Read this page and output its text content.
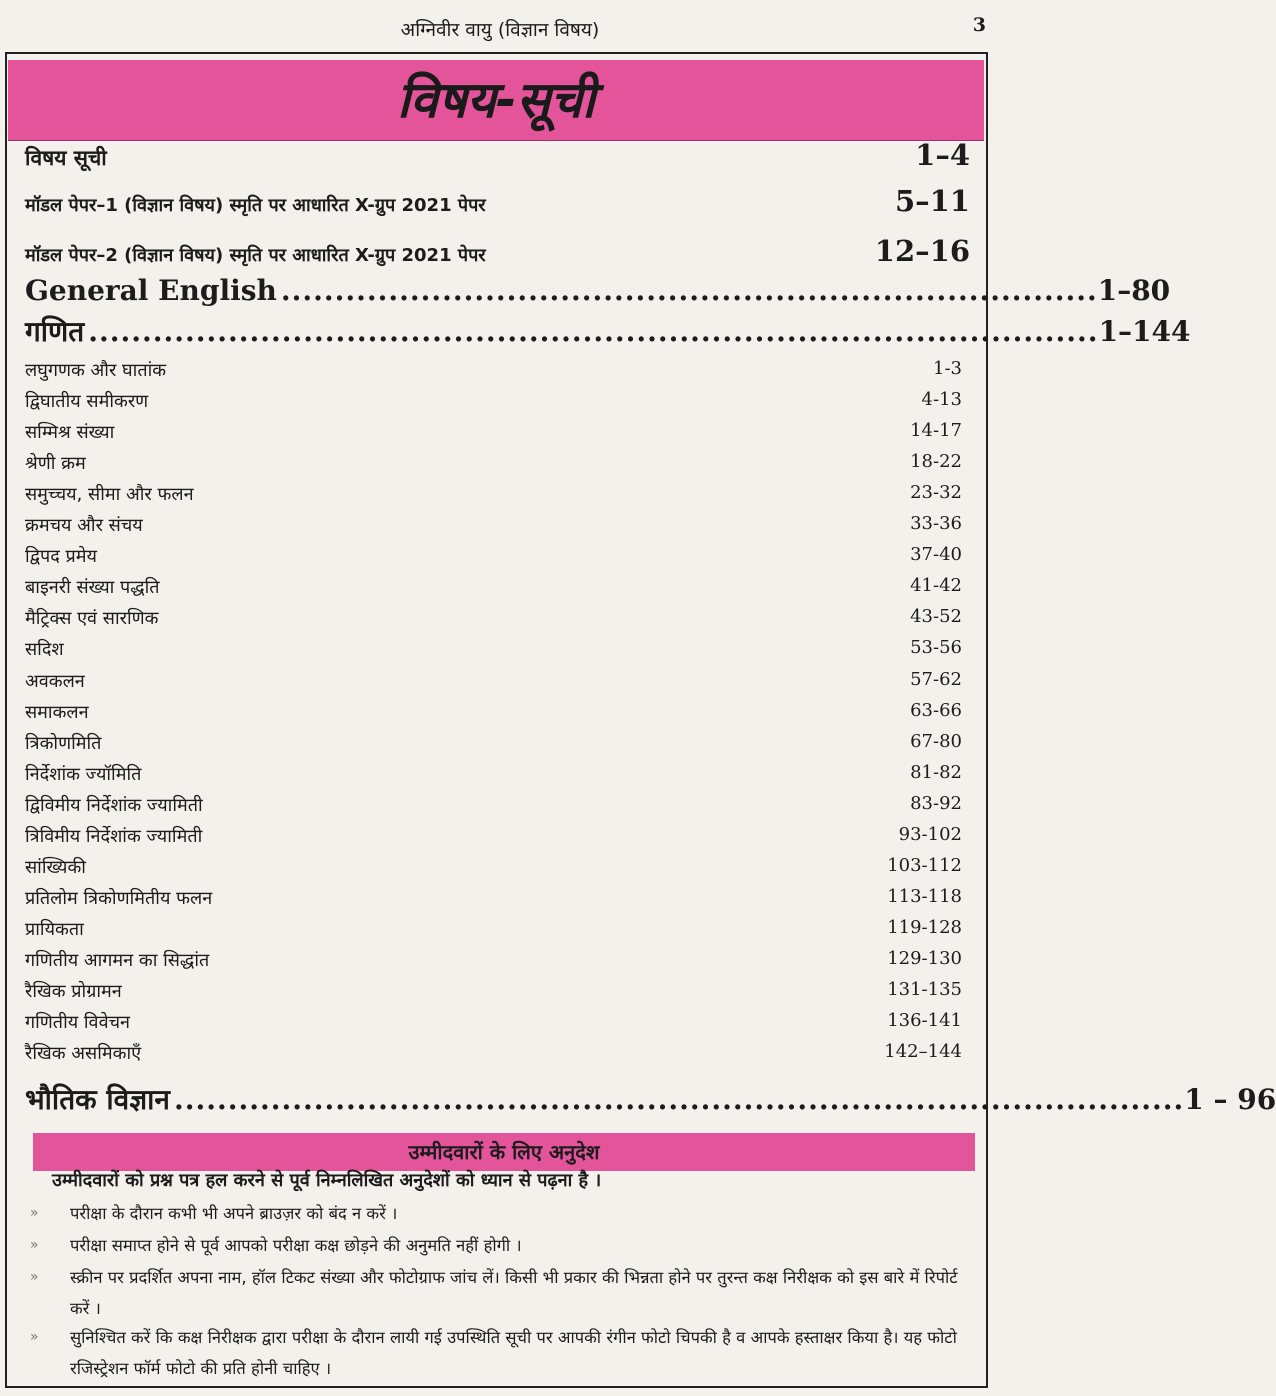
अग्निवीर वायु (विज्ञान विषय)	3
विषय-सूची
विषय सूची	1–4
मॉडल पेपर–1 (विज्ञान विषय) स्मृति पर आधारित X-ग्रुप 2021 पेपर	5–11
मॉडल पेपर–2 (विज्ञान विषय) स्मृति पर आधारित X-ग्रुप 2021 पेपर	12–16
General English ............................................................................ 1–80
गणित .............................................................................................. 1–144
लघुगणक और घातांक	1-3
द्विघातीय समीकरण	4-13
सम्मिश्र संख्या	14-17
श्रेणी क्रम	18-22
समुच्चय, सीमा और फलन	23-32
क्रमचय और संचय	33-36
द्विपद प्रमेय	37-40
बाइनरी संख्या पद्धति	41-42
मैट्रिक्स एवं सारणिक	43-52
सदिश	53-56
अवकलन	57-62
समाकलन	63-66
त्रिकोणमिति	67-80
निर्देशांक ज्यॉमिति	81-82
द्विविमीय निर्देशांक ज्यामिती	83-92
त्रिविमीय निर्देशांक ज्यामिती	93-102
सांख्यिकी	103-112
प्रतिलोम त्रिकोणमितीय फलन	113-118
प्रायिकता	119-128
गणितीय आगमन का सिद्धांत	129-130
रैखिक प्रोग्रामन	131-135
गणितीय विवेचन	136-141
रैखिक असमिकाएँ	142–144
भौतिक विज्ञान .............................................................................................. 1 – 96
उम्मीदवारों के लिए अनुदेश
उम्मीदवारों को प्रश्न पत्र हल करने से पूर्व निम्नलिखित अनुदेशों को ध्यान से पढ़ना है ।
»	परीक्षा के दौरान कभी भी अपने ब्राउज़र को बंद न करें ।
»	परीक्षा समाप्त होने से पूर्व आपको परीक्षा कक्ष छोड़ने की अनुमति नहीं होगी ।
»	स्क्रीन पर प्रदर्शित अपना नाम, हॉल टिकट संख्या और फोटोग्राफ जांच लें। किसी भी प्रकार की भिन्नता होने पर तुरन्त कक्ष निरीक्षक को इस बारे में रिपोर्ट करें ।
»	सुनिश्चित करें कि कक्ष निरीक्षक द्वारा परीक्षा के दौरान लायी गई उपस्थिति सूची पर आपकी रंगीन फोटो चिपकी है व आपके हस्ताक्षर किया है। यह फोटो रजिस्ट्रेशन फॉर्म फोटो की प्रति होनी चाहिए ।
